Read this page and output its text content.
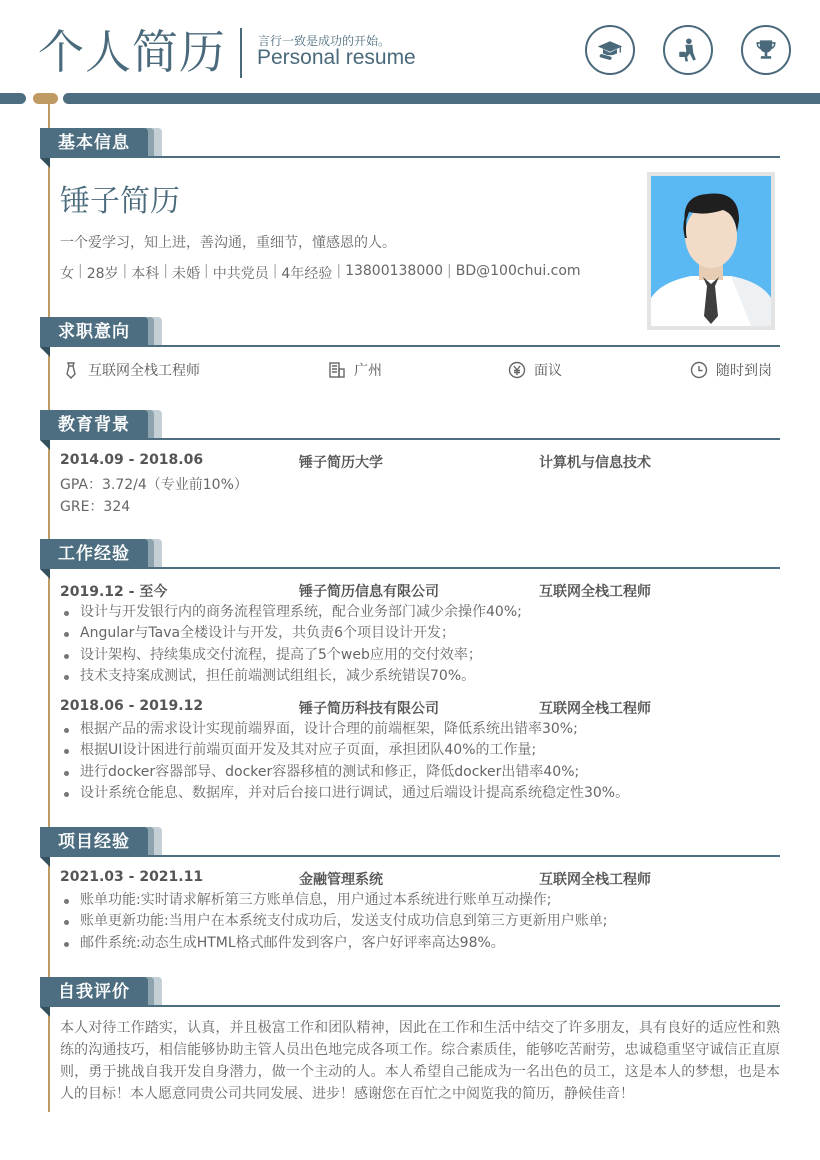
个人简历	言行一致是成功的开始。
Personal resume
基本信息
锤子简历
一个爱学习，知上进，善沟通，重细节，懂感恩的人。
女 | 28岁 | 本科 | 未婚 | 中共党员 | 4年经验 | 13800138000 | BD@100chui.com
求职意向
互联网全栈工程师	广州	面议	随时到岗
教育背景
2014.09 - 2018.06	锤子简历大学	计算机与信息技术
GPA：3.72/4（专业前10%）
GRE：324
工作经验
2019.12 - 至今	锤子简历信息有限公司	互联网全栈工程师
设计与开发银行内的商务流程管理系统，配合业务部门减少余操作40%;
Angular与Tava全楼设计与开发，共负责6个项目设计开发；
设计架构、持续集成交付流程，提高了5个web应用的交付效率；
技术支持案成测试，担任前端测试组组长，减少系统错误70%。
2018.06 - 2019.12	锤子简历科技有限公司	互联网全栈工程师
根据产品的需求设计实现前端界面，设计合理的前端框架，降低系统出错率30%;
根据UI设计困进行前端页面开发及其对应子页面，承担团队40%的工作量;
进行docker容器部导、docker容器移植的测试和修正，降低docker出错率40%;
设计系统仓能息、数据库，并对后台接口进行调试，通过后端设计提高系统稳定性30%。
项目经验
2021.03 - 2021.11	金融管理系统	互联网全栈工程师
账单功能:实时请求解析第三方账单信息，用户通过本系统进行账单互动操作;
账单更新功能:当用户在本系统支付成功后，发送支付成功信息到第三方更新用户账单;
邮件系统:动态生成HTML格式邮件发到客户，客户好评率高达98%。
自我评价
本人对待工作踏实，认真，并且极富工作和团队精神，因此在工作和生活中结交了许多朋友，具有良好的适应性和熟练的沟通技巧，相信能够协助主管人员出色地完成各项工作。综合素质佳，能够吃苦耐劳，忠诚稳重坚守诚信正直原则，勇于挑战自我开发自身潜力，做一个主动的人。本人希望自己能成为一名出色的员工，这是本人的梦想，也是本人的目标！本人愿意同贵公司共同发展、进步！感谢您在百忙之中阅览我的简历，静候佳音！
